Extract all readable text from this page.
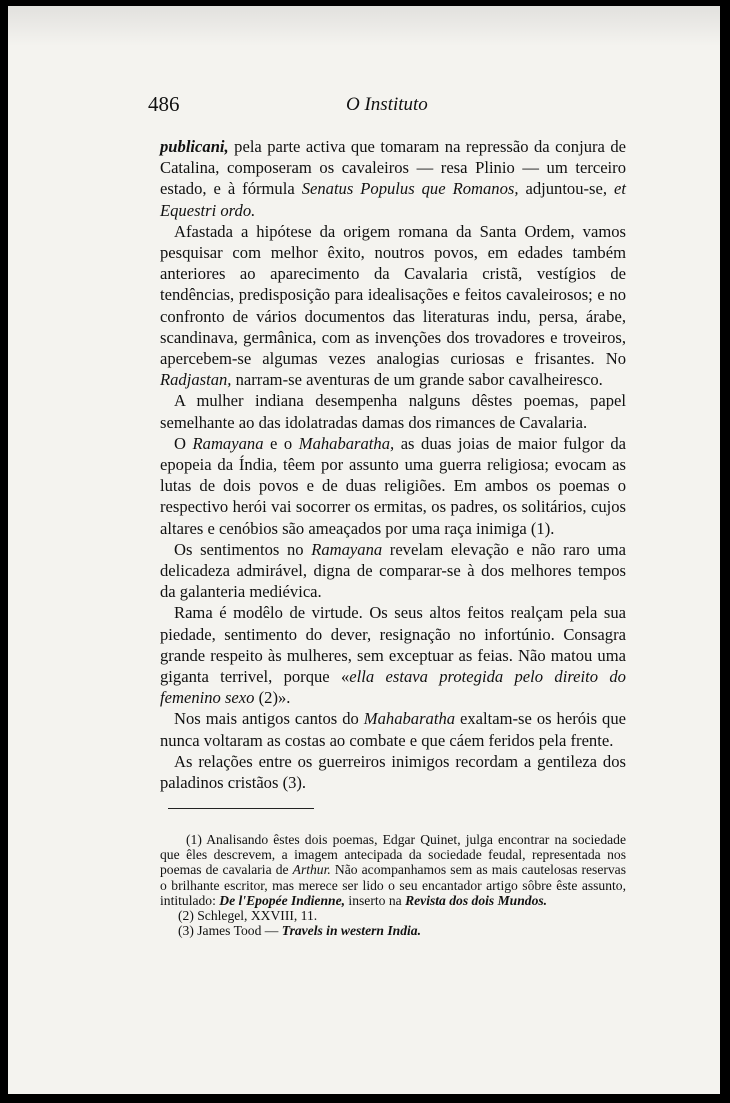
486	O Instituto

publicani, pela parte activa que tomaram na repressão da conjura de Catalina, composeram os cavaleiros — resa Plinio — um terceiro estado, e à fórmula Senatus Populus que Romanos, adjuntou-se, et Equestri ordo.

Afastada a hipótese da origem romana da Santa Ordem, vamos pesquisar com melhor êxito, noutros povos, em edades também anteriores ao aparecimento da Cavalaria cristã, vestígios de tendências, predisposição para idealisações e feitos cavaleirosos; e no confronto de vários documentos das literaturas indu, persa, árabe, scandinava, germânica, com as invenções dos trovadores e troveiros, apercebem-se algumas vezes analogias curiosas e frisantes. No Radjastan, narram-se aventuras de um grande sabor cavalheiresco.

A mulher indiana desempenha nalguns dêstes poemas, papel semelhante ao das idolatradas damas dos rimances de Cavalaria.

O Ramayana e o Mahabaratha, as duas joias de maior fulgor da epopeia da Índia, têem por assunto uma guerra religiosa; evocam as lutas de dois povos e de duas religiões. Em ambos os poemas o respectivo herói vai socorrer os ermitas, os padres, os solitários, cujos altares e cenóbios são ameaçados por uma raça inimiga (1).

Os sentimentos no Ramayana revelam elevação e não raro uma delicadeza admirável, digna de comparar-se à dos melhores tempos da galanteria mediévica.

Rama é modêlo de virtude. Os seus altos feitos realçam pela sua piedade, sentimento do dever, resignação no infortúnio. Consagra grande respeito às mulheres, sem exceptuar as feias. Não matou uma giganta terrivel, porque «ella estava protegida pelo direito do femenino sexo (2)».

Nos mais antigos cantos do Mahabaratha exaltam-se os heróis que nunca voltaram as costas ao combate e que cáem feridos pela frente.

As relações entre os guerreiros inimigos recordam a gentileza dos paladinos cristãos (3).

(1) Analisando êstes dois poemas, Edgar Quinet, julga encontrar na sociedade que êles descrevem, a imagem antecipada da sociedade feudal, representada nos poemas de cavalaria de Arthur. Não acompanhamos sem as mais cautelosas reservas o brilhante escritor, mas merece ser lido o seu encantador artigo sôbre êste assunto, intitulado: De l'Epopée Indienne, inserto na Revista dos dois Mundos.

(2) Schlegel, XXVIII, 11.

(3) James Tood — Travels in western India.
